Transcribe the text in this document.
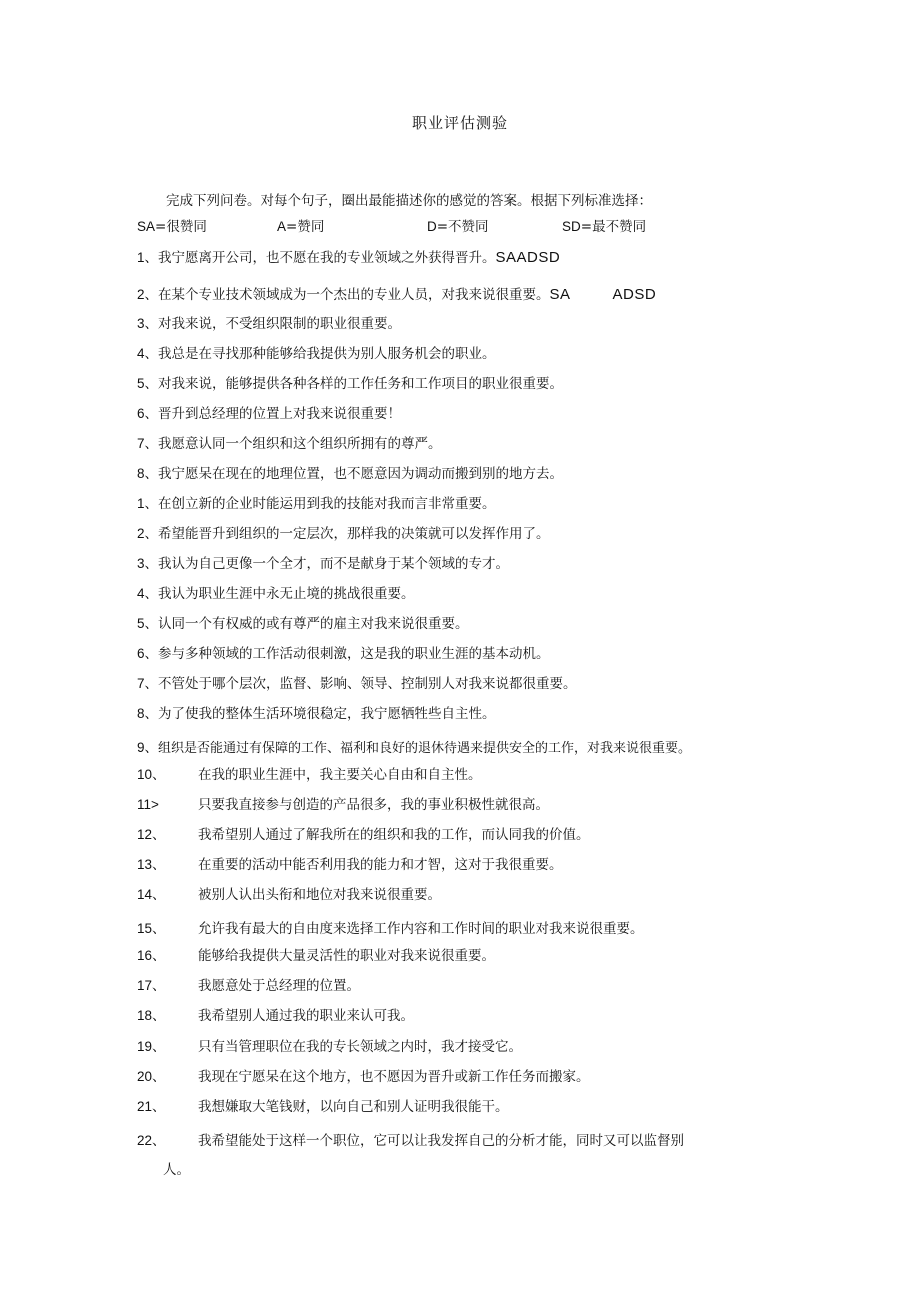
职业评估测验
完成下列问卷。对每个句子，圈出最能描述你的感觉的答案。根据下列标准选择：
SA=很赞同	A=赞同	D=不赞同	SD=最不赞同
1、我宁愿离开公司，也不愿在我的专业领域之外获得晋升。SAADSD
2、在某个专业技术领域成为一个杰出的专业人员，对我来说很重要。SA	ADSD
3、对我来说，不受组织限制的职业很重要。
4、我总是在寻找那种能够给我提供为别人服务机会的职业。
5、对我来说，能够提供各种各样的工作任务和工作项目的职业很重要。
6、晋升到总经理的位置上对我来说很重要！
7、我愿意认同一个组织和这个组织所拥有的尊严。
8、我宁愿呆在现在的地理位置，也不愿意因为调动而搬到别的地方去。
1、在创立新的企业时能运用到我的技能对我而言非常重要。
2、希望能晋升到组织的一定层次，那样我的决策就可以发挥作用了。
3、我认为自己更像一个全才，而不是献身于某个领域的专才。
4、我认为职业生涯中永无止境的挑战很重要。
5、认同一个有权威的或有尊严的雇主对我来说很重要。
6、参与多种领域的工作活动很刺激，这是我的职业生涯的基本动机。
7、不管处于哪个层次，监督、影响、领导、控制别人对我来说都很重要。
8、为了使我的整体生活环境很稳定，我宁愿牺牲些自主性。
9、组织是否能通过有保障的工作、福利和良好的退休待遇来提供安全的工作，对我来说很重要。
10、 在我的职业生涯中，我主要关心自由和自主性。
11>	只要我直接参与创造的产品很多，我的事业积极性就很高。
12、 我希望别人通过了解我所在的组织和我的工作，而认同我的价值。
13、 在重要的活动中能否利用我的能力和才智，这对于我很重要。
14、 被别人认出头衔和地位对我来说很重要。
15、 允许我有最大的自由度来选择工作内容和工作时间的职业对我来说很重要。
16、 能够给我提供大量灵活性的职业对我来说很重要。
17、 我愿意处于总经理的位置。
18、 我希望别人通过我的职业来认可我。
19、 只有当管理职位在我的专长领域之内时，我才接受它。
20、 我现在宁愿呆在这个地方，也不愿因为晋升或新工作任务而搬家。
21、 我想嫌取大笔钱财，以向自己和别人证明我很能干。
22、 我希望能处于这样一个职位，它可以让我发挥自己的分析才能，同时又可以监督别
人。
